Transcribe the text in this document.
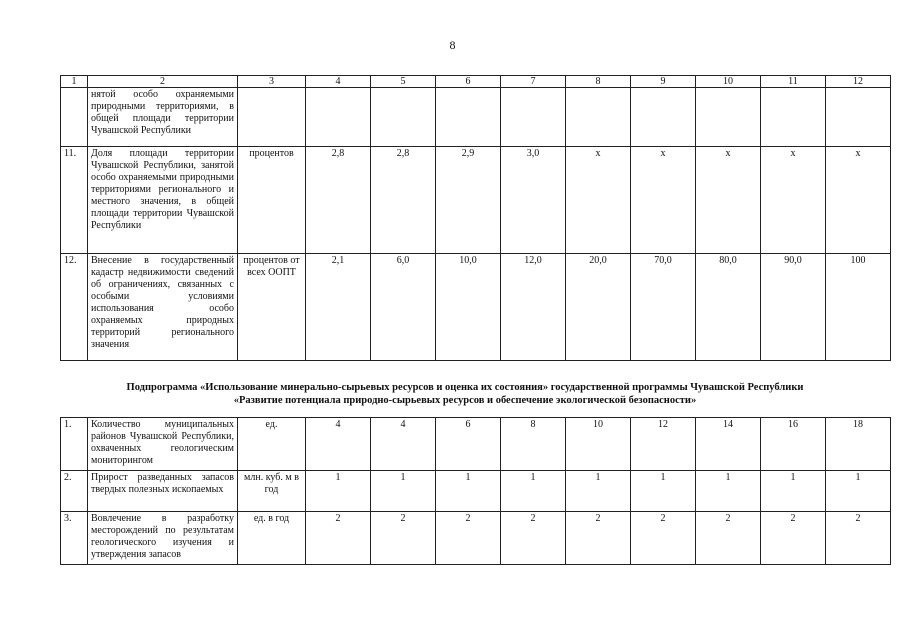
8
1	2	3	4	5	6	7	8	9	10	11	12
	нятой особо охраняемыми природными территориями, в общей площади территории Чувашской Республики										
11.	Доля площади территории Чувашской Республики, занятой особо охраняемыми природными территориями регионального и местного значения, в общей площади территории Чувашской Республики	процентов	2,8	2,8	2,9	3,0	х	х	х	х	х
12.	Внесение в государственный кадастр недвижимости сведений об ограничениях, связанных с особыми условиями использования особо охраняемых природных территорий регионального значения	процентов от всех ООПТ	2,1	6,0	10,0	12,0	20,0	70,0	80,0	90,0	100
Подпрограмма «Использование минерально-сырьевых ресурсов и оценка их состояния» государственной программы Чувашской Республики
«Развитие потенциала природно-сырьевых ресурсов и обеспечение экологической безопасности»
1.	Количество муниципальных районов Чувашской Республики, охваченных геологическим мониторингом	ед.	4	4	6	8	10	12	14	16	18
2.	Прирост разведанных запасов твердых полезных ископаемых	млн. куб. м в год	1	1	1	1	1	1	1	1	1
3.	Вовлечение в разработку месторождений по результатам геологического изучения и утверждения запасов	ед. в год	2	2	2	2	2	2	2	2	2
